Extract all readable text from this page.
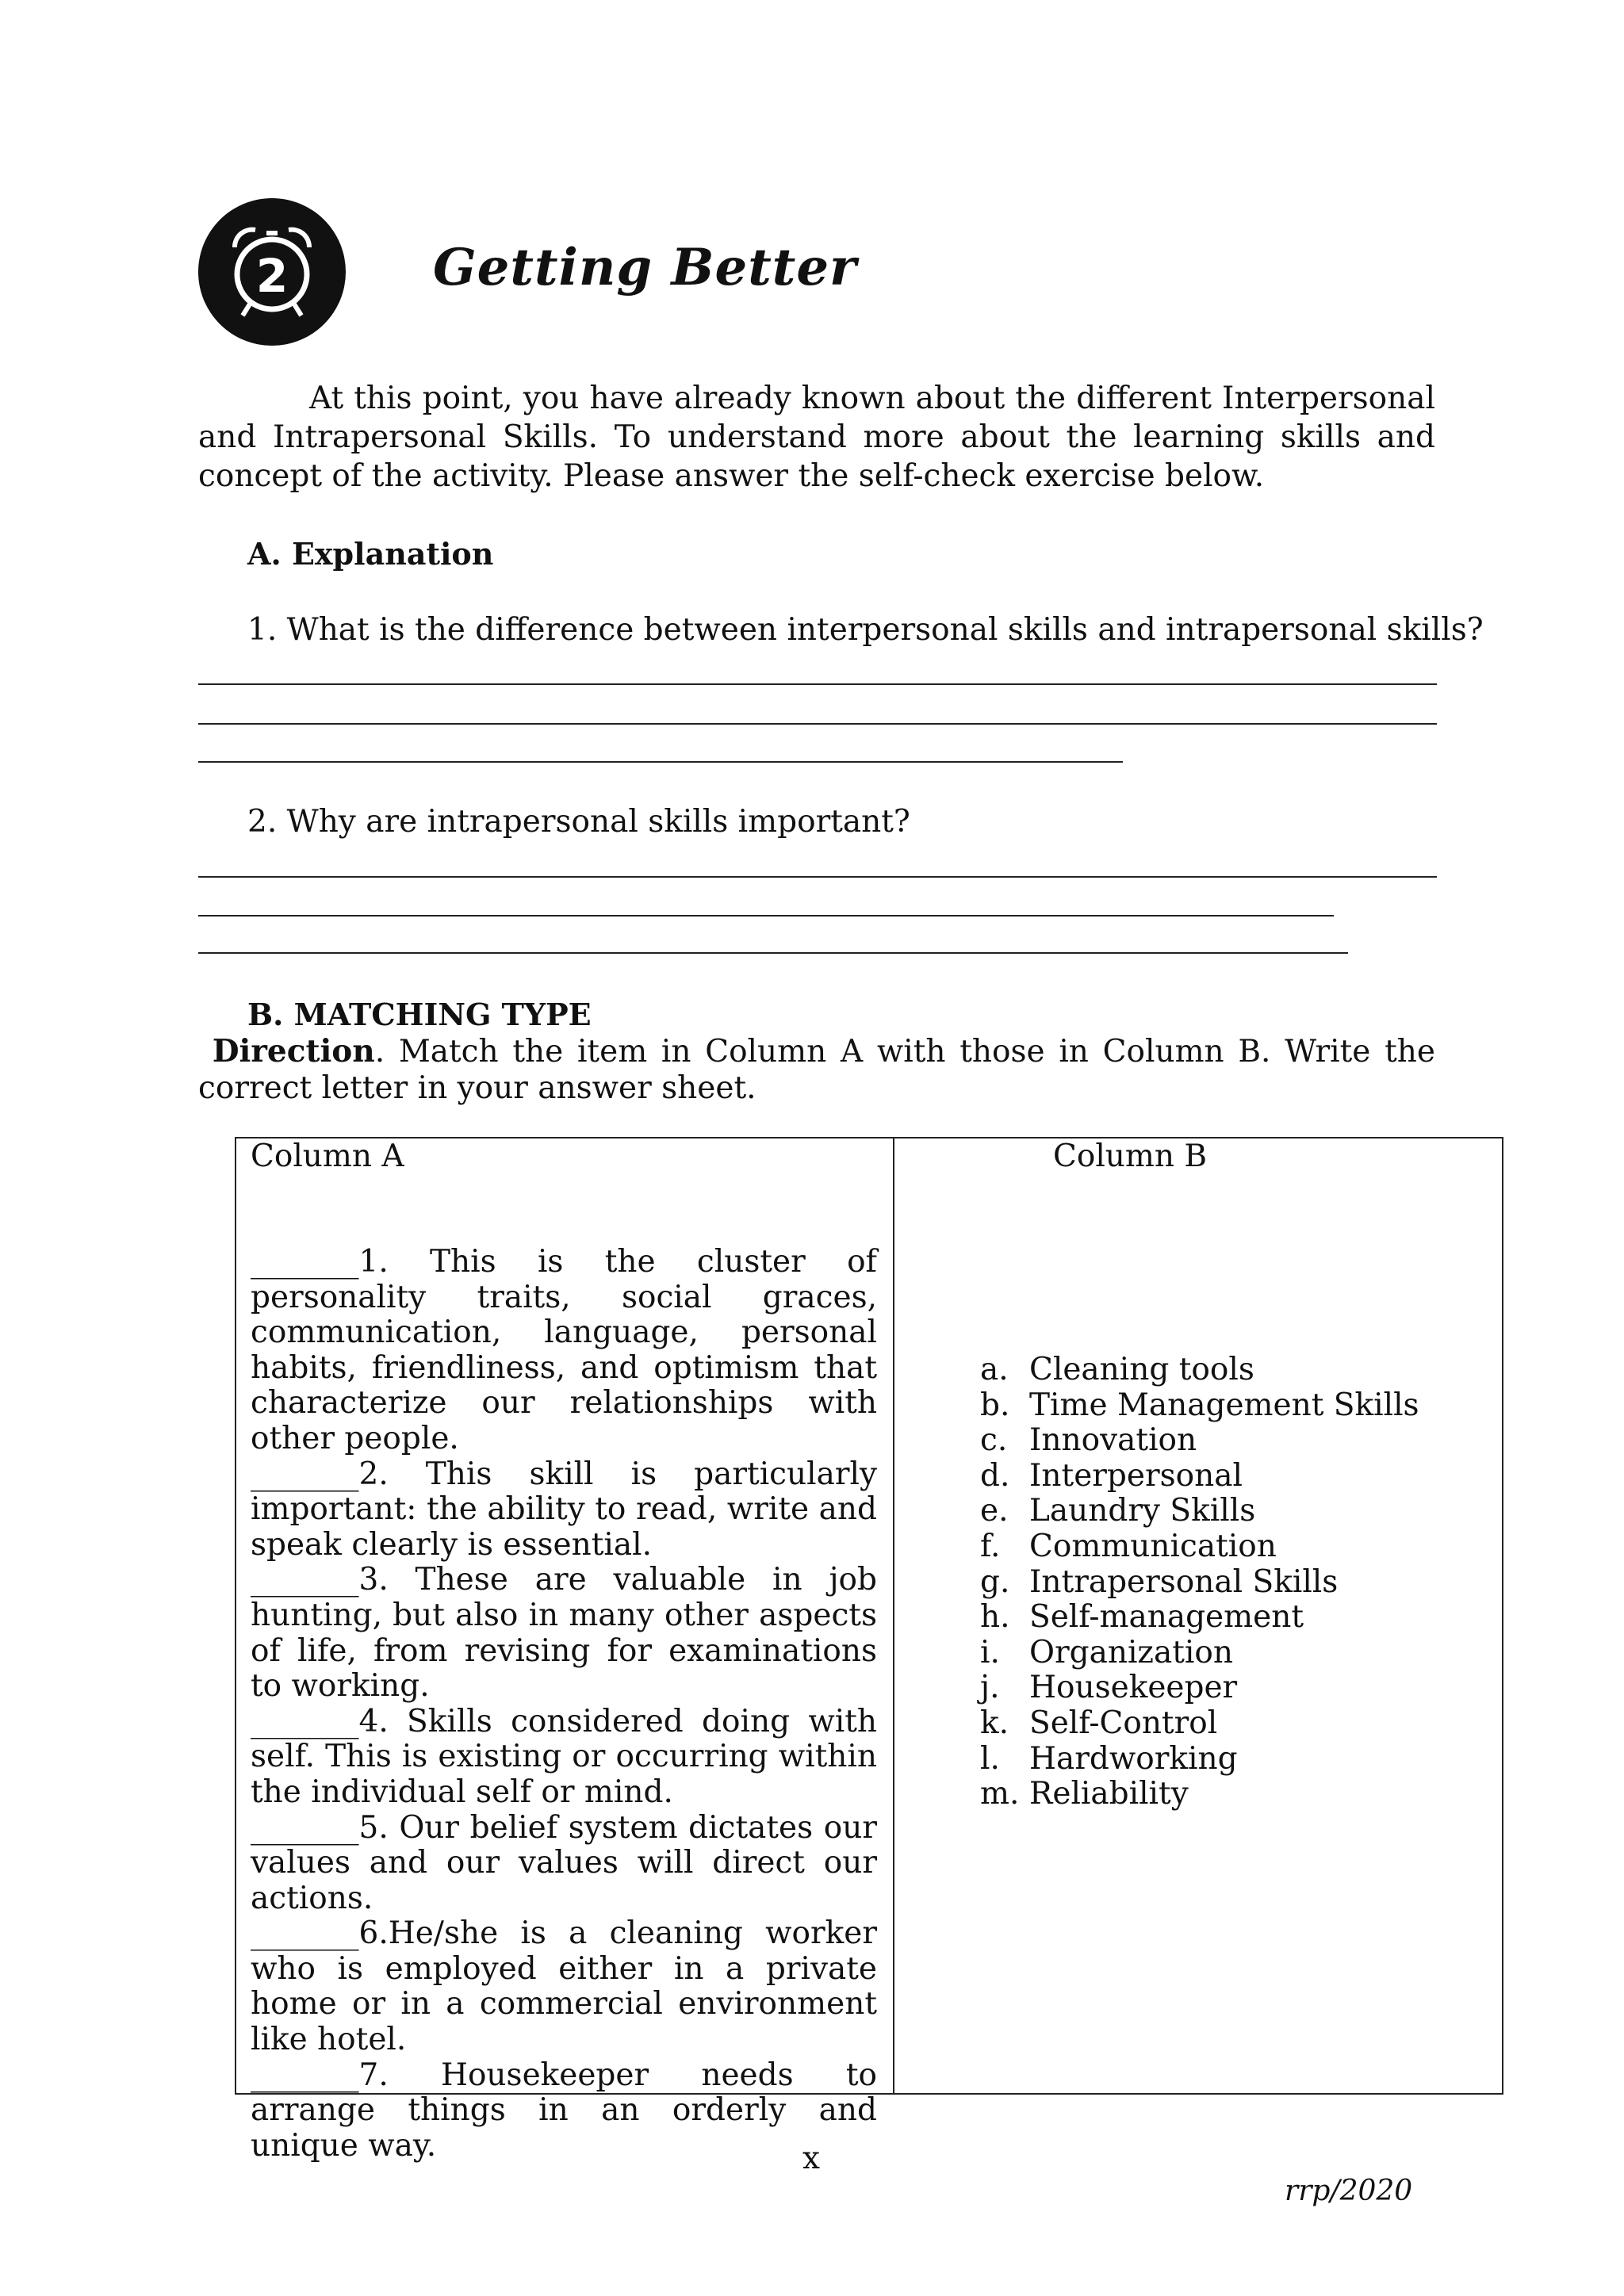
2	Getting Better
At this point, you have already known about the different Interpersonal and Intrapersonal Skills. To understand more about the learning skills and concept of the activity. Please answer the self-check exercise below.
A. Explanation
1. What is the difference between interpersonal skills and intrapersonal skills?
2. Why are intrapersonal skills important?
B. MATCHING TYPE
Direction. Match the item in Column A with those in Column B. Write the correct letter in your answer sheet.
Column A	Column B

_______1. This is the cluster of personality traits, social graces, communication, language, personal habits, friendliness, and optimism that characterize our relationships with other people.

_______2. This skill is particularly important: the ability to read, write and speak clearly is essential.

_______3. These are valuable in job hunting, but also in many other aspects of life, from revising for examinations to working.

_______4. Skills considered doing with self. This is existing or occurring within the individual self or mind.

_______5. Our belief system dictates our values and our values will direct our actions.

_______6.He/she is a cleaning worker who is employed either in a private home or in a commercial environment like hotel.

_______7. Housekeeper needs to arrange things in an orderly and unique way.

a. Cleaning tools
b. Time Management Skills
c. Innovation
d. Interpersonal
e. Laundry Skills
f. Communication
g. Intrapersonal Skills
h. Self-management
i. Organization
j. Housekeeper
k. Self-Control
l. Hardworking
m. Reliability
x
rrp/2020
